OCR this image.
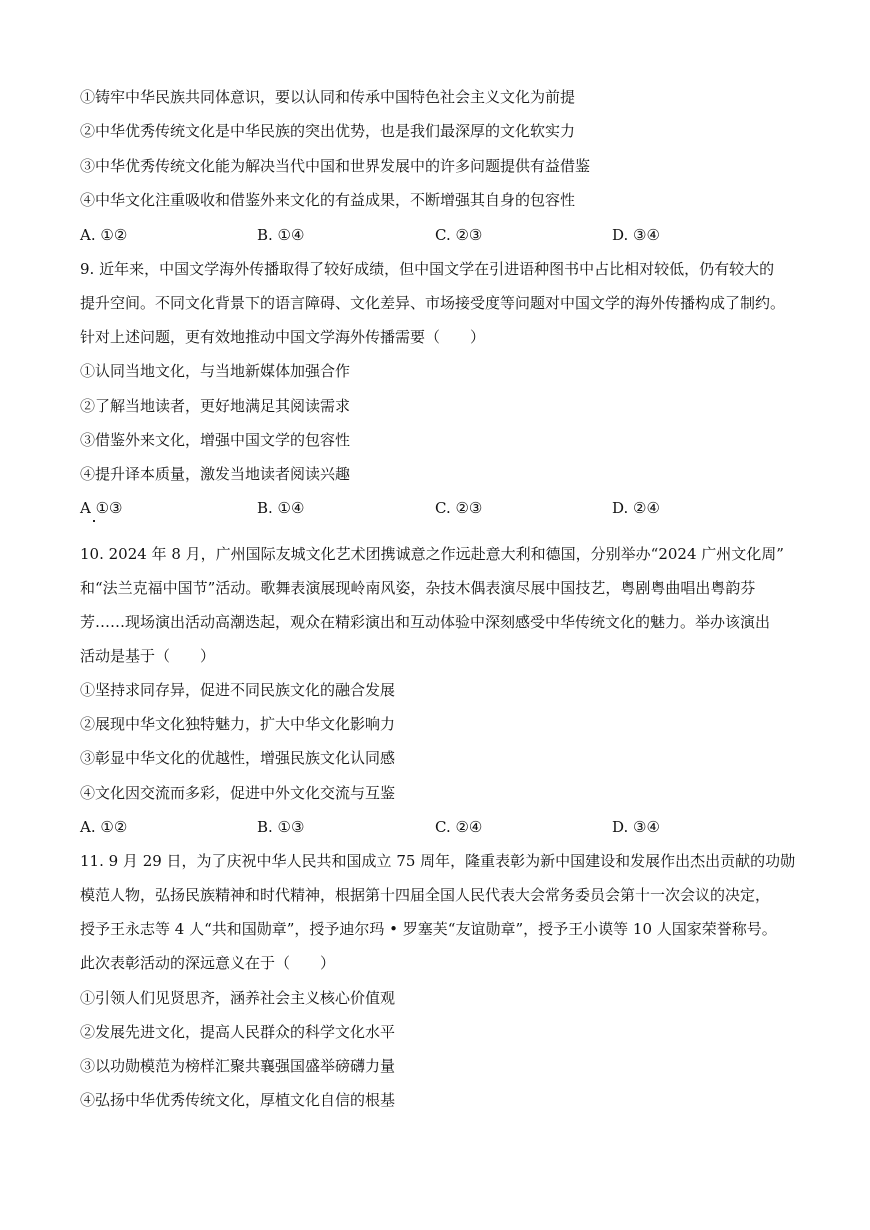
①铸牢中华民族共同体意识，要以认同和传承中国特色社会主义文化为前提
②中华优秀传统文化是中华民族的突出优势，也是我们最深厚的文化软实力
③中华优秀传统文化能为解决当代中国和世界发展中的许多问题提供有益借鉴
④中华文化注重吸收和借鉴外来文化的有益成果，不断增强其自身的包容性
A. ①②	B. ①④	C. ②③	D. ③④
9. 近年来，中国文学海外传播取得了较好成绩，但中国文学在引进语种图书中占比相对较低，仍有较大的
提升空间。不同文化背景下的语言障碍、文化差异、市场接受度等问题对中国文学的海外传播构成了制约。
针对上述问题，更有效地推动中国文学海外传播需要（　　）
①认同当地文化，与当地新媒体加强合作
②了解当地读者，更好地满足其阅读需求
③借鉴外来文化，增强中国文学的包容性
④提升译本质量，激发当地读者阅读兴趣
A ①③	B. ①④	C. ②③	D. ②④
10. 2024 年 8 月，广州国际友城文化艺术团携诚意之作远赴意大利和德国，分别举办“2024 广州文化周”
和“法兰克福中国节”活动。歌舞表演展现岭南风姿，杂技木偶表演尽展中国技艺，粤剧粤曲唱出粤韵芬
芳……现场演出活动高潮迭起，观众在精彩演出和互动体验中深刻感受中华传统文化的魅力。举办该演出
活动是基于（　　）
①坚持求同存异，促进不同民族文化的融合发展
②展现中华文化独特魅力，扩大中华文化影响力
③彰显中华文化的优越性，增强民族文化认同感
④文化因交流而多彩，促进中外文化交流与互鉴
A. ①②	B. ①③	C. ②④	D. ③④
11. 9 月 29 日，为了庆祝中华人民共和国成立 75 周年，隆重表彰为新中国建设和发展作出杰出贡献的功勋
模范人物，弘扬民族精神和时代精神，根据第十四届全国人民代表大会常务委员会第十一次会议的决定，
授予王永志等 4 人“共和国勋章”，授予迪尔玛 • 罗塞芙“友谊勋章”，授予王小谟等 10 人国家荣誉称号。
此次表彰活动的深远意义在于（　　）
①引领人们见贤思齐，涵养社会主义核心价值观
②发展先进文化，提高人民群众的科学文化水平
③以功勋模范为榜样汇聚共襄强国盛举磅礴力量
④弘扬中华优秀传统文化，厚植文化自信的根基
